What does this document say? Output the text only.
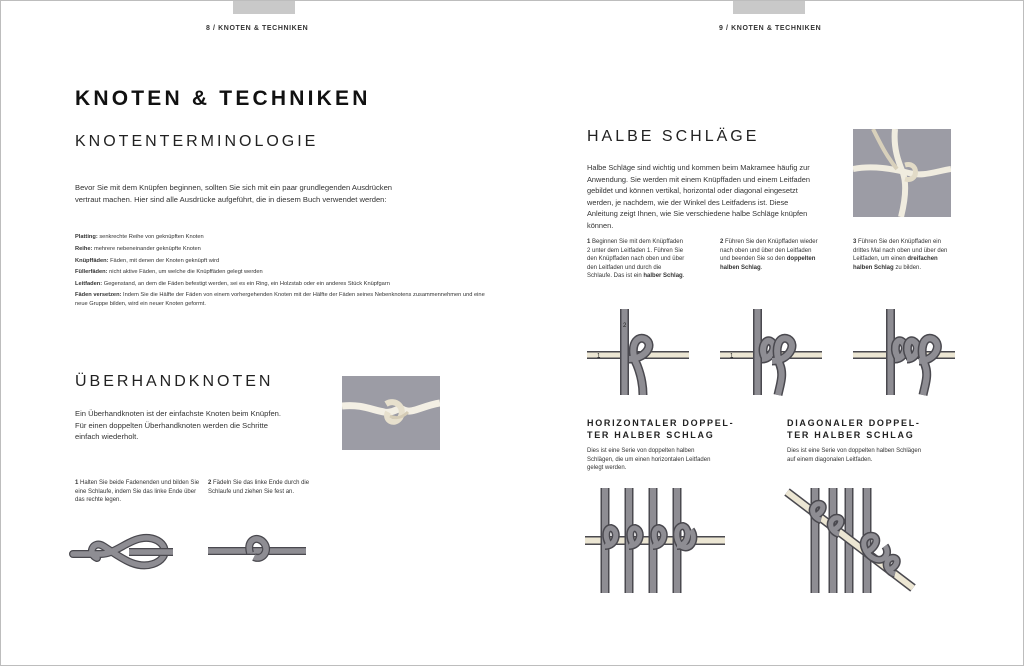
8 / KNOTEN & TECHNIKEN
KNOTEN & TECHNIKEN
KNOTENTERMINOLOGIE
Bevor Sie mit dem Knüpfen beginnen, sollten Sie sich mit ein paar grundlegenden Ausdrücken vertraut machen. Hier sind alle Ausdrücke aufgeführt, die in diesem Buch verwendet werden:
Platting: senkrechte Reihe von geknüpften Knoten
Reihe: mehrere nebeneinander geknüpfte Knoten
Knüpffäden: Fäden, mit denen der Knoten geknüpft wird
Füllerfäden: nicht aktive Fäden, um welche die Knüpffäden gelegt werden
Leitfaden: Gegenstand, an dem die Fäden befestigt werden, sei es ein Ring, ein Holzstab oder ein anderes Stück Knüpfgarn
Fäden versetzen: Indem Sie die Hälfte der Fäden von einem vorhergehenden Knoten mit der Hälfte der Fäden seines Nebenknotens zusammennehmen und eine neue Gruppe bilden, wird ein neuer Knoten geformt.
ÜBERHANDKNOTEN
Ein Überhandknoten ist der einfachste Knoten beim Knüpfen. Für einen doppelten Überhandknoten werden die Schritte einfach wiederholt.
1 Halten Sie beide Fadenenden und bilden Sie eine Schlaufe, indem Sie das linke Ende über das rechte legen.
2 Fädeln Sie das linke Ende durch die Schlaufe und ziehen Sie fest an.
9 / KNOTEN & TECHNIKEN
HALBE SCHLÄGE
Halbe Schläge sind wichtig und kommen beim Makramee häufig zur Anwendung. Sie werden mit einem Knüpffaden und einem Leitfaden gebildet und können vertikal, horizontal oder diagonal eingesetzt werden, je nachdem, wie der Winkel des Leitfadens ist. Diese Anleitung zeigt Ihnen, wie Sie verschiedene halbe Schläge knüpfen können.
1 Beginnen Sie mit dem Knüpffaden 2 unter dem Leitfaden 1. Führen Sie den Knüpffaden nach oben und über den Leitfaden und durch die Schlaufe. Das ist ein halber Schlag.
2 Führen Sie den Knüpffaden wieder nach oben und über den Leitfaden und beenden Sie so den doppelten halben Schlag.
3 Führen Sie den Knüpffaden ein drittes Mal nach oben und über den Leitfaden, um einen dreifachen halben Schlag zu bilden.
2
1	1
HORIZONTALER DOPPEL-TER HALBER SCHLAG
Dies ist eine Serie von doppelten halben Schlägen, die um einen horizontalen Leitfaden gelegt werden.
DIAGONALER DOPPEL-TER HALBER SCHLAG
Dies ist eine Serie von doppelten halben Schlägen auf einem diagonalen Leitfaden.
